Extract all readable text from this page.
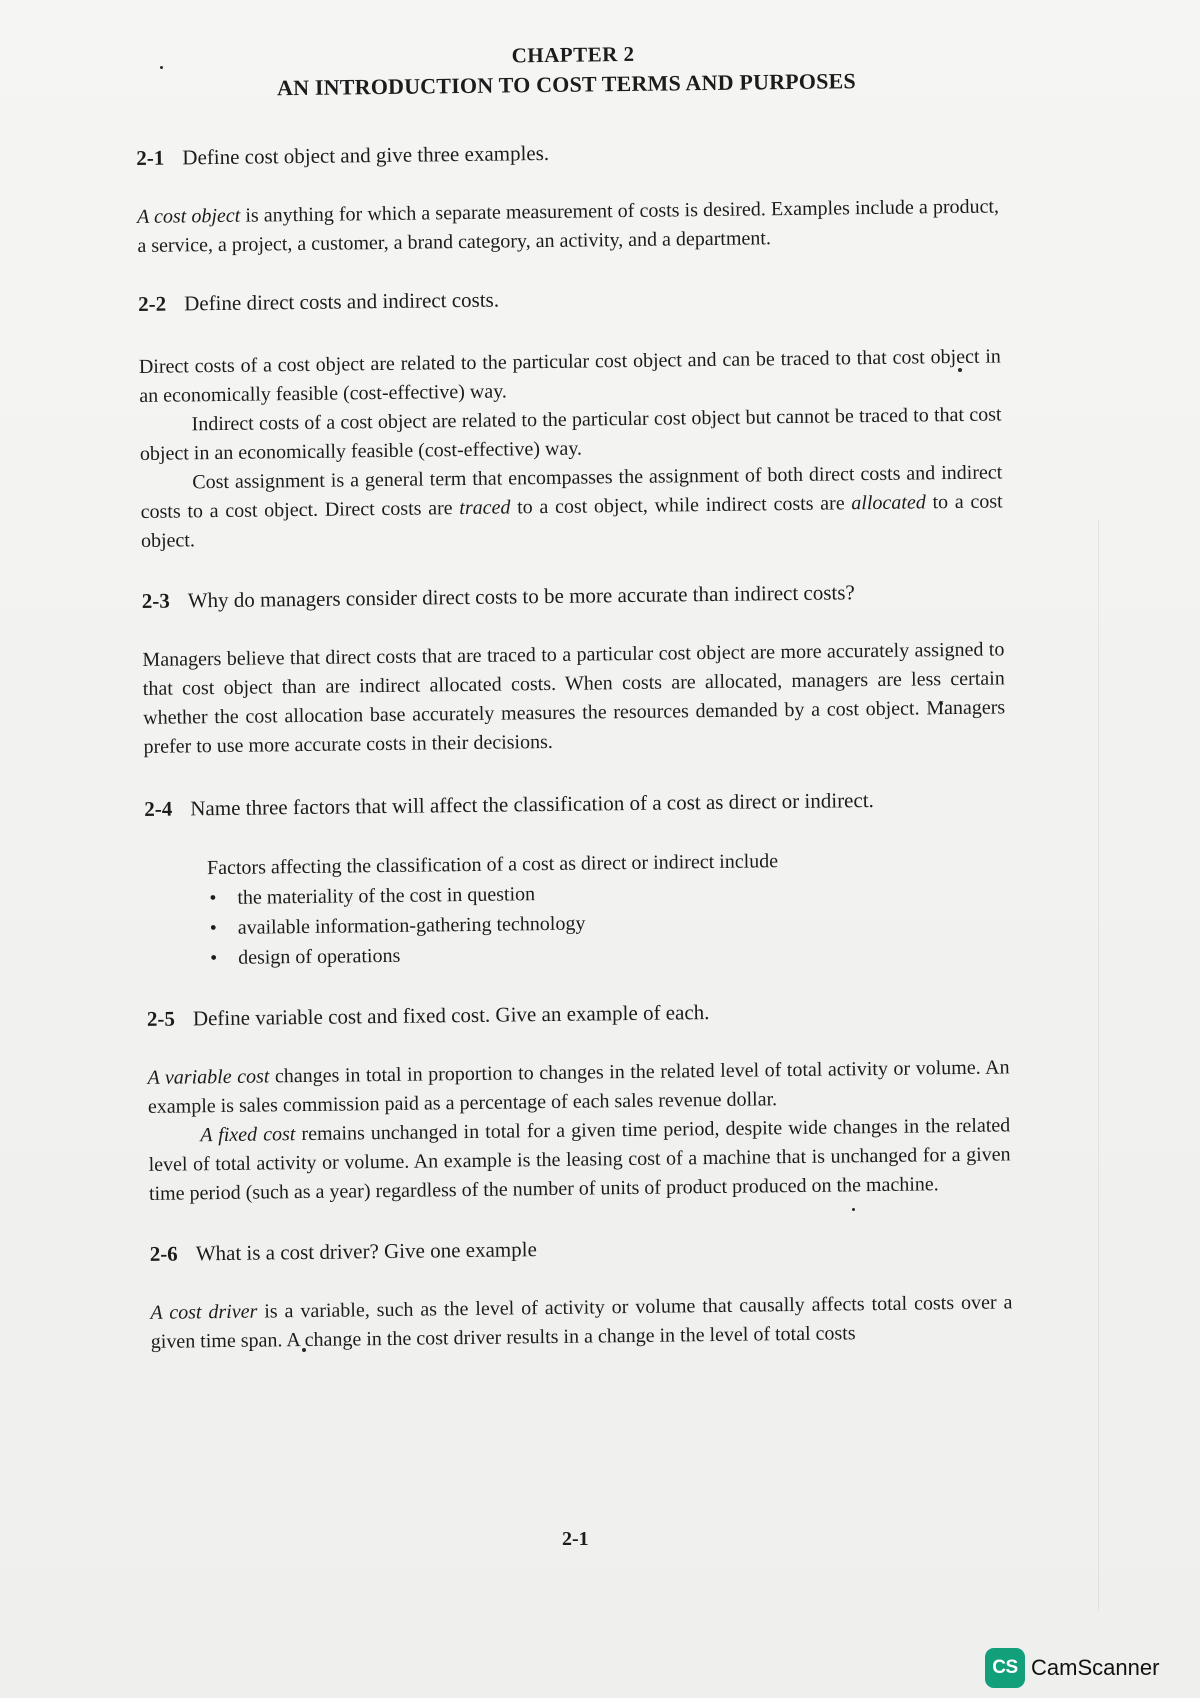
CHAPTER 2
AN INTRODUCTION TO COST TERMS AND PURPOSES
2-1 Define cost object and give three examples.

A cost object is anything for which a separate measurement of costs is desired. Examples include a product, a service, a project, a customer, a brand category, an activity, and a department.

2-2 Define direct costs and indirect costs.

Direct costs of a cost object are related to the particular cost object and can be traced to that cost object in an economically feasible (cost-effective) way.

Indirect costs of a cost object are related to the particular cost object but cannot be traced to that cost object in an economically feasible (cost-effective) way.

Cost assignment is a general term that encompasses the assignment of both direct costs and indirect costs to a cost object. Direct costs are traced to a cost object, while indirect costs are allocated to a cost object.

2-3 Why do managers consider direct costs to be more accurate than indirect costs?

Managers believe that direct costs that are traced to a particular cost object are more accurately assigned to that cost object than are indirect allocated costs. When costs are allocated, managers are less certain whether the cost allocation base accurately measures the resources demanded by a cost object. Managers prefer to use more accurate costs in their decisions.

2-4 Name three factors that will affect the classification of a cost as direct or indirect.
Factors affecting the classification of a cost as direct or indirect include
• the materiality of the cost in question
• available information-gathering technology
• design of operations
2-5 Define variable cost and fixed cost. Give an example of each.

A variable cost changes in total in proportion to changes in the related level of total activity or volume. An example is sales commission paid as a percentage of each sales revenue dollar.

A fixed cost remains unchanged in total for a given time period, despite wide changes in the related level of total activity or volume. An example is the leasing cost of a machine that is unchanged for a given time period (such as a year) regardless of the number of units of product produced on the machine.

2-6 What is a cost driver? Give one example

A cost driver is a variable, such as the level of activity or volume that causally affects total costs over a given time span. A change in the cost driver results in a change in the level of total costs

2-1
CS CamScanner
